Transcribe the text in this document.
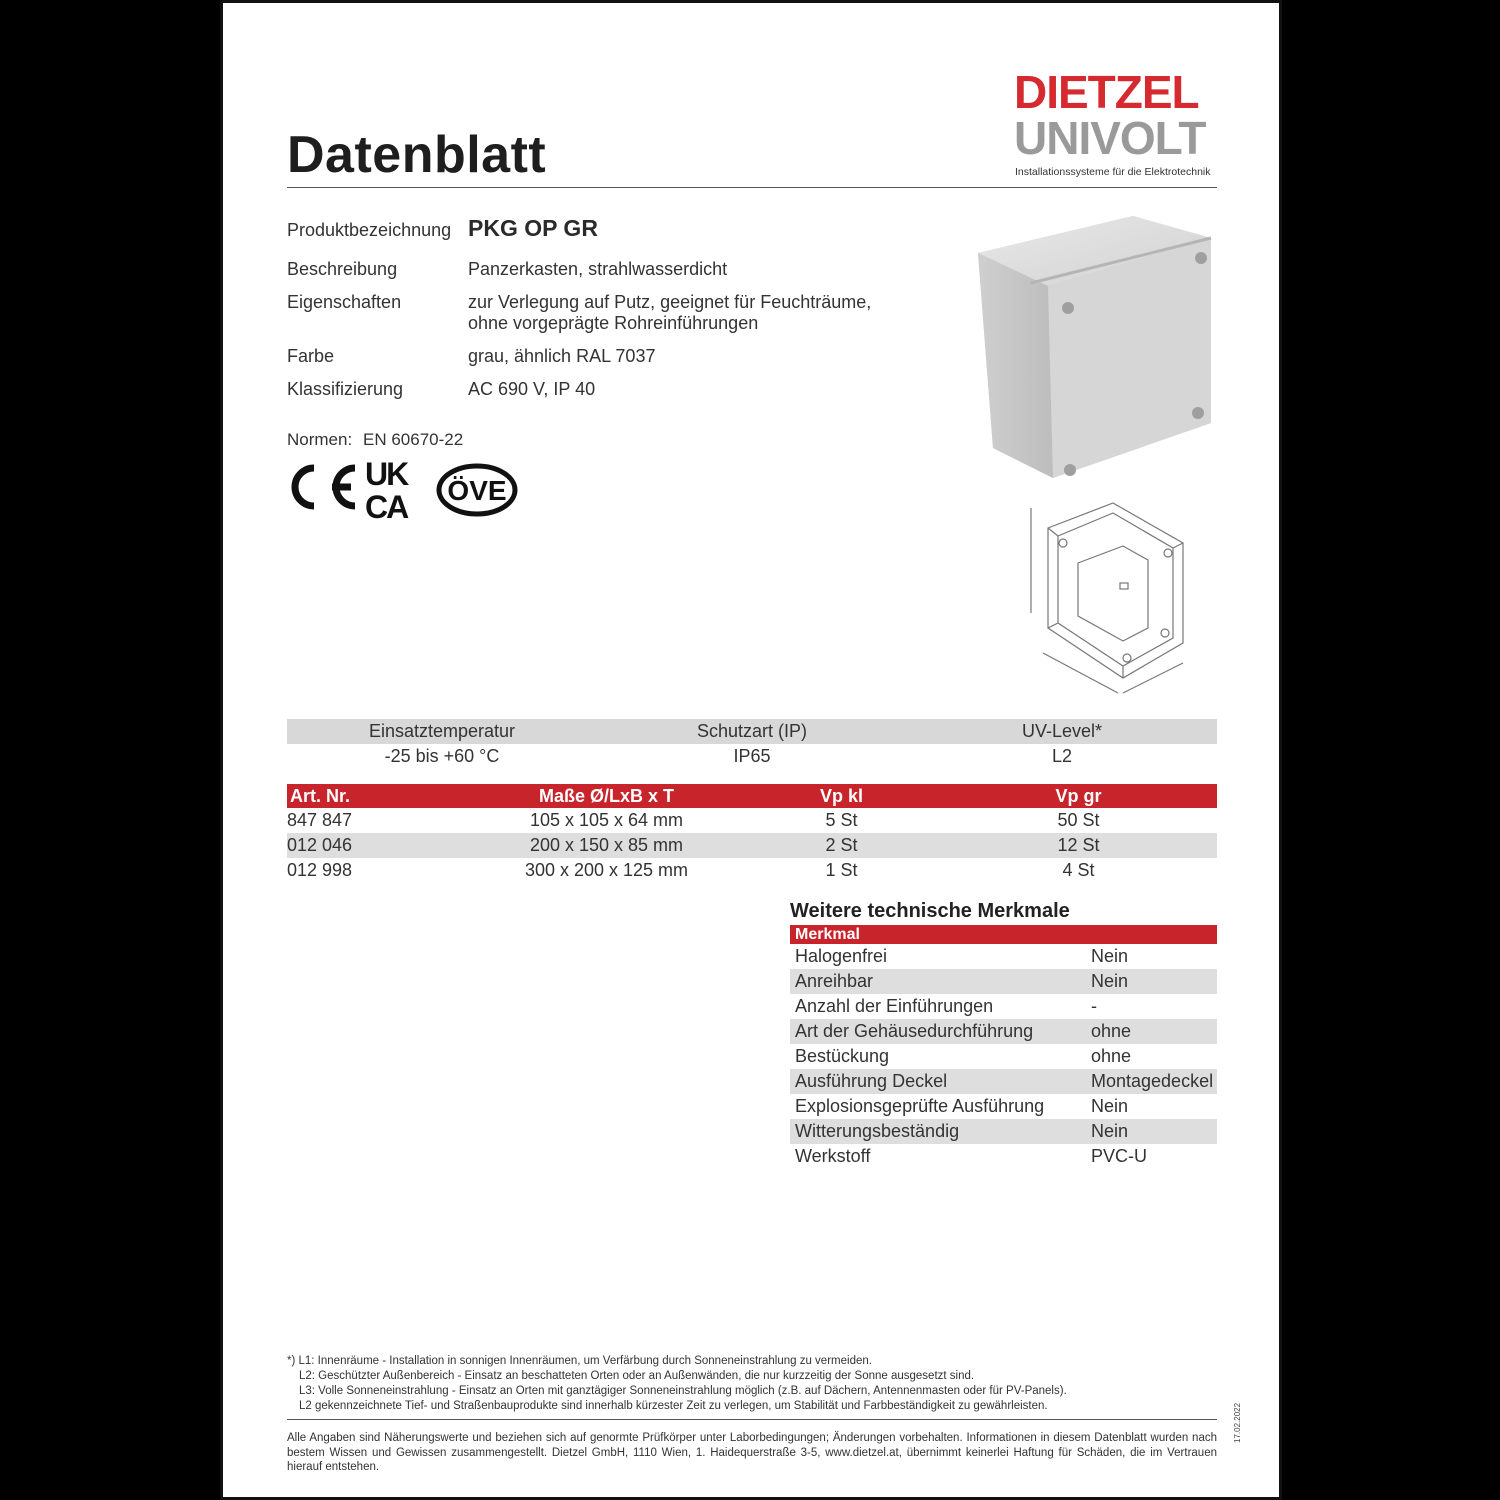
Datenblatt
DIETZEL
UNIVOLT
Installationssysteme für die Elektrotechnik
Produktbezeichnung PKG OP GR
Beschreibung	Panzerkasten, strahlwasserdicht
Eigenschaften	zur Verlegung auf Putz, geeignet für Feuchträume,
ohne vorgeprägte Rohreinführungen
Farbe	grau, ähnlich RAL 7037
Klassifizierung	AC 690 V, IP 40
Normen: EN 60670-22
UK
CA ÖVE
Einsatztemperatur	Schutzart (IP)	UV-Level*
-25 bis +60 °C	IP65	L2
Art. Nr.	Maße Ø/LxB x T	Vp kl	Vp gr
847 847	105 x 105 x 64 mm	5 St	50 St
012 046	200 x 150 x 85 mm	2 St	12 St
012 998	300 x 200 x 125 mm	1 St	4 St
Weitere technische Merkmale
Merkmal	
Halogenfrei	Nein
Anreihbar	Nein
Anzahl der Einführungen	-
Art der Gehäusedurchführung	ohne
Bestückung	ohne
Ausführung Deckel	Montagedeckel
Explosionsgeprüfte Ausführung	Nein
Witterungsbeständig	Nein
Werkstoff	PVC-U
*) L1: Innenräume - Installation in sonnigen Innenräumen, um Verfärbung durch Sonneneinstrahlung zu vermeiden.
L2: Geschützter Außenbereich - Einsatz an beschatteten Orten oder an Außenwänden, die nur kurzzeitig der Sonne ausgesetzt sind.
L3: Volle Sonneneinstrahlung - Einsatz an Orten mit ganztägiger Sonneneinstrahlung möglich (z.B. auf Dächern, Antennenmasten oder für PV-Panels).
L2 gekennzeichnete Tief- und Straßenbauprodukte sind innerhalb kürzester Zeit zu verlegen, um Stabilität und Farbbeständigkeit zu gewährleisten.
Alle Angaben sind Näherungswerte und beziehen sich auf genormte Prüfkörper unter Laborbedingungen; Änderungen vorbehalten. Informationen in diesem Datenblatt wurden nach bestem Wissen und Gewissen zusammengestellt. Dietzel GmbH, 1110 Wien, 1. Haidequerstraße 3-5, www.dietzel.at, übernimmt keinerlei Haftung für Schäden, die im Vertrauen hierauf entstehen.
17.02.2022
